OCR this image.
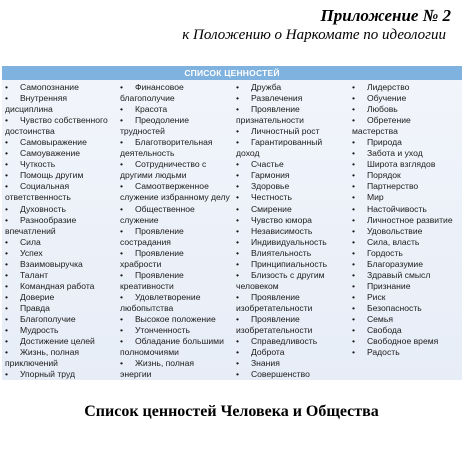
Приложение № 2
к Положению о Наркомате по идеологии
СПИСОК ЦЕННОСТЕЙ
•     Самопознание
•     Внутренняя
дисциплина
•     Чувство собственного
достоинства
•     Самовыражение
•     Самоуважение
•     Чуткость
•     Помощь другим
•     Социальная
ответственность
•     Духовность
•     Разнообразие
впечатлений
•     Сила
•     Успех
•     Взаимовыручка
•     Талант
•     Командная работа
•     Доверие
•     Правда
•     Благополучие
•     Мудрость
•     Достижение целей
•     Жизнь, полная
приключений
•     Упорный труд
•     Финансовое
благополучие
•     Красота
•     Преодоление
трудностей
•     Благотворительная
деятельность
•     Сотрудничество с
другими людьми
•     Самоотверженное
служение избранному делу
•     Общественное
служение
•     Проявление
сострадания
•     Проявление
храбрости
•     Проявление
креативности
•     Удовлетворение
любопытства
•     Высокое положение
•     Утонченность
•     Обладание большими
полномочиями
•     Жизнь, полная
энергии
•     Дружба
•     Развлечения
•     Проявление
признательности
•     Личностный рост
•     Гарантированный
доход
•     Счастье
•     Гармония
•     Здоровье
•     Честность
•     Смирение
•     Чувство юмора
•     Независимость
•     Индивидуальность
•     Влиятельность
•     Принципиальность
•     Близость с другим
человеком
•     Проявление
изобретательности
•     Проявление
изобретательности
•     Справедливость
•     Доброта
•     Знания
•     Совершенство
•     Лидерство
•     Обучение
•     Любовь
•     Обретение
мастерства
•     Природа
•     Забота и уход
•     Широта взглядов
•     Порядок
•     Партнерство
•     Мир
•     Настойчивость
•     Личностное развитие
•     Удовольствие
•     Сила, власть
•     Гордость
•     Благоразумие
•     Здравый смысл
•     Признание
•     Риск
•     Безопасность
•     Семья
•     Свобода
•     Свободное время
•     Радость
Список ценностей Человека и Общества
